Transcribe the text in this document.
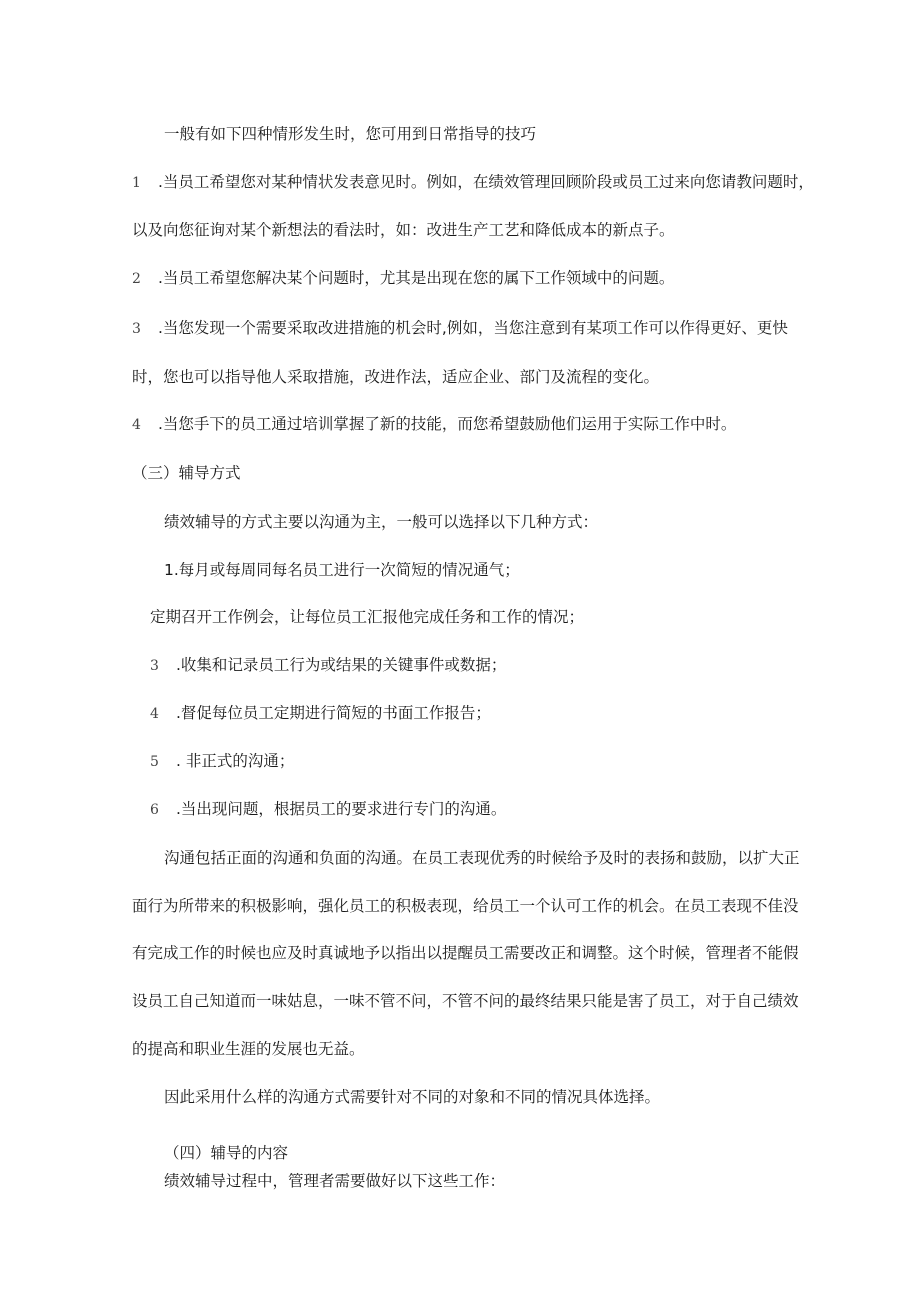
一般有如下四种情形发生时，您可用到日常指导的技巧
1 .当员工希望您对某种情状发表意见时。例如，在绩效管理回顾阶段或员工过来向您请教问题时，
以及向您征询对某个新想法的看法时，如：改进生产工艺和降低成本的新点子。
2 .当员工希望您解决某个问题时，尤其是出现在您的属下工作领域中的问题。
3 .当您发现一个需要采取改进措施的机会时,例如，当您注意到有某项工作可以作得更好、更快
时，您也可以指导他人采取措施，改进作法，适应企业、部门及流程的变化。
4 .当您手下的员工通过培训掌握了新的技能，而您希望鼓励他们运用于实际工作中时。
（三）辅导方式
绩效辅导的方式主要以沟通为主，一般可以选择以下几种方式：
1.每月或每周同每名员工进行一次简短的情况通气；
定期召开工作例会，让每位员工汇报他完成任务和工作的情况；
3 .收集和记录员工行为或结果的关键事件或数据；
4 .督促每位员工定期进行简短的书面工作报告；
5 . 非正式的沟通；
6 .当出现问题，根据员工的要求进行专门的沟通。
沟通包括正面的沟通和负面的沟通。在员工表现优秀的时候给予及时的表扬和鼓励，以扩大正
面行为所带来的积极影响，强化员工的积极表现，给员工一个认可工作的机会。在员工表现不佳没
有完成工作的时候也应及时真诚地予以指出以提醒员工需要改正和调整。这个时候，管理者不能假
设员工自己知道而一味姑息，一味不管不问，不管不问的最终结果只能是害了员工，对于自己绩效
的提高和职业生涯的发展也无益。
因此采用什么样的沟通方式需要针对不同的对象和不同的情况具体选择。
（四）辅导的内容
绩效辅导过程中，管理者需要做好以下这些工作：
